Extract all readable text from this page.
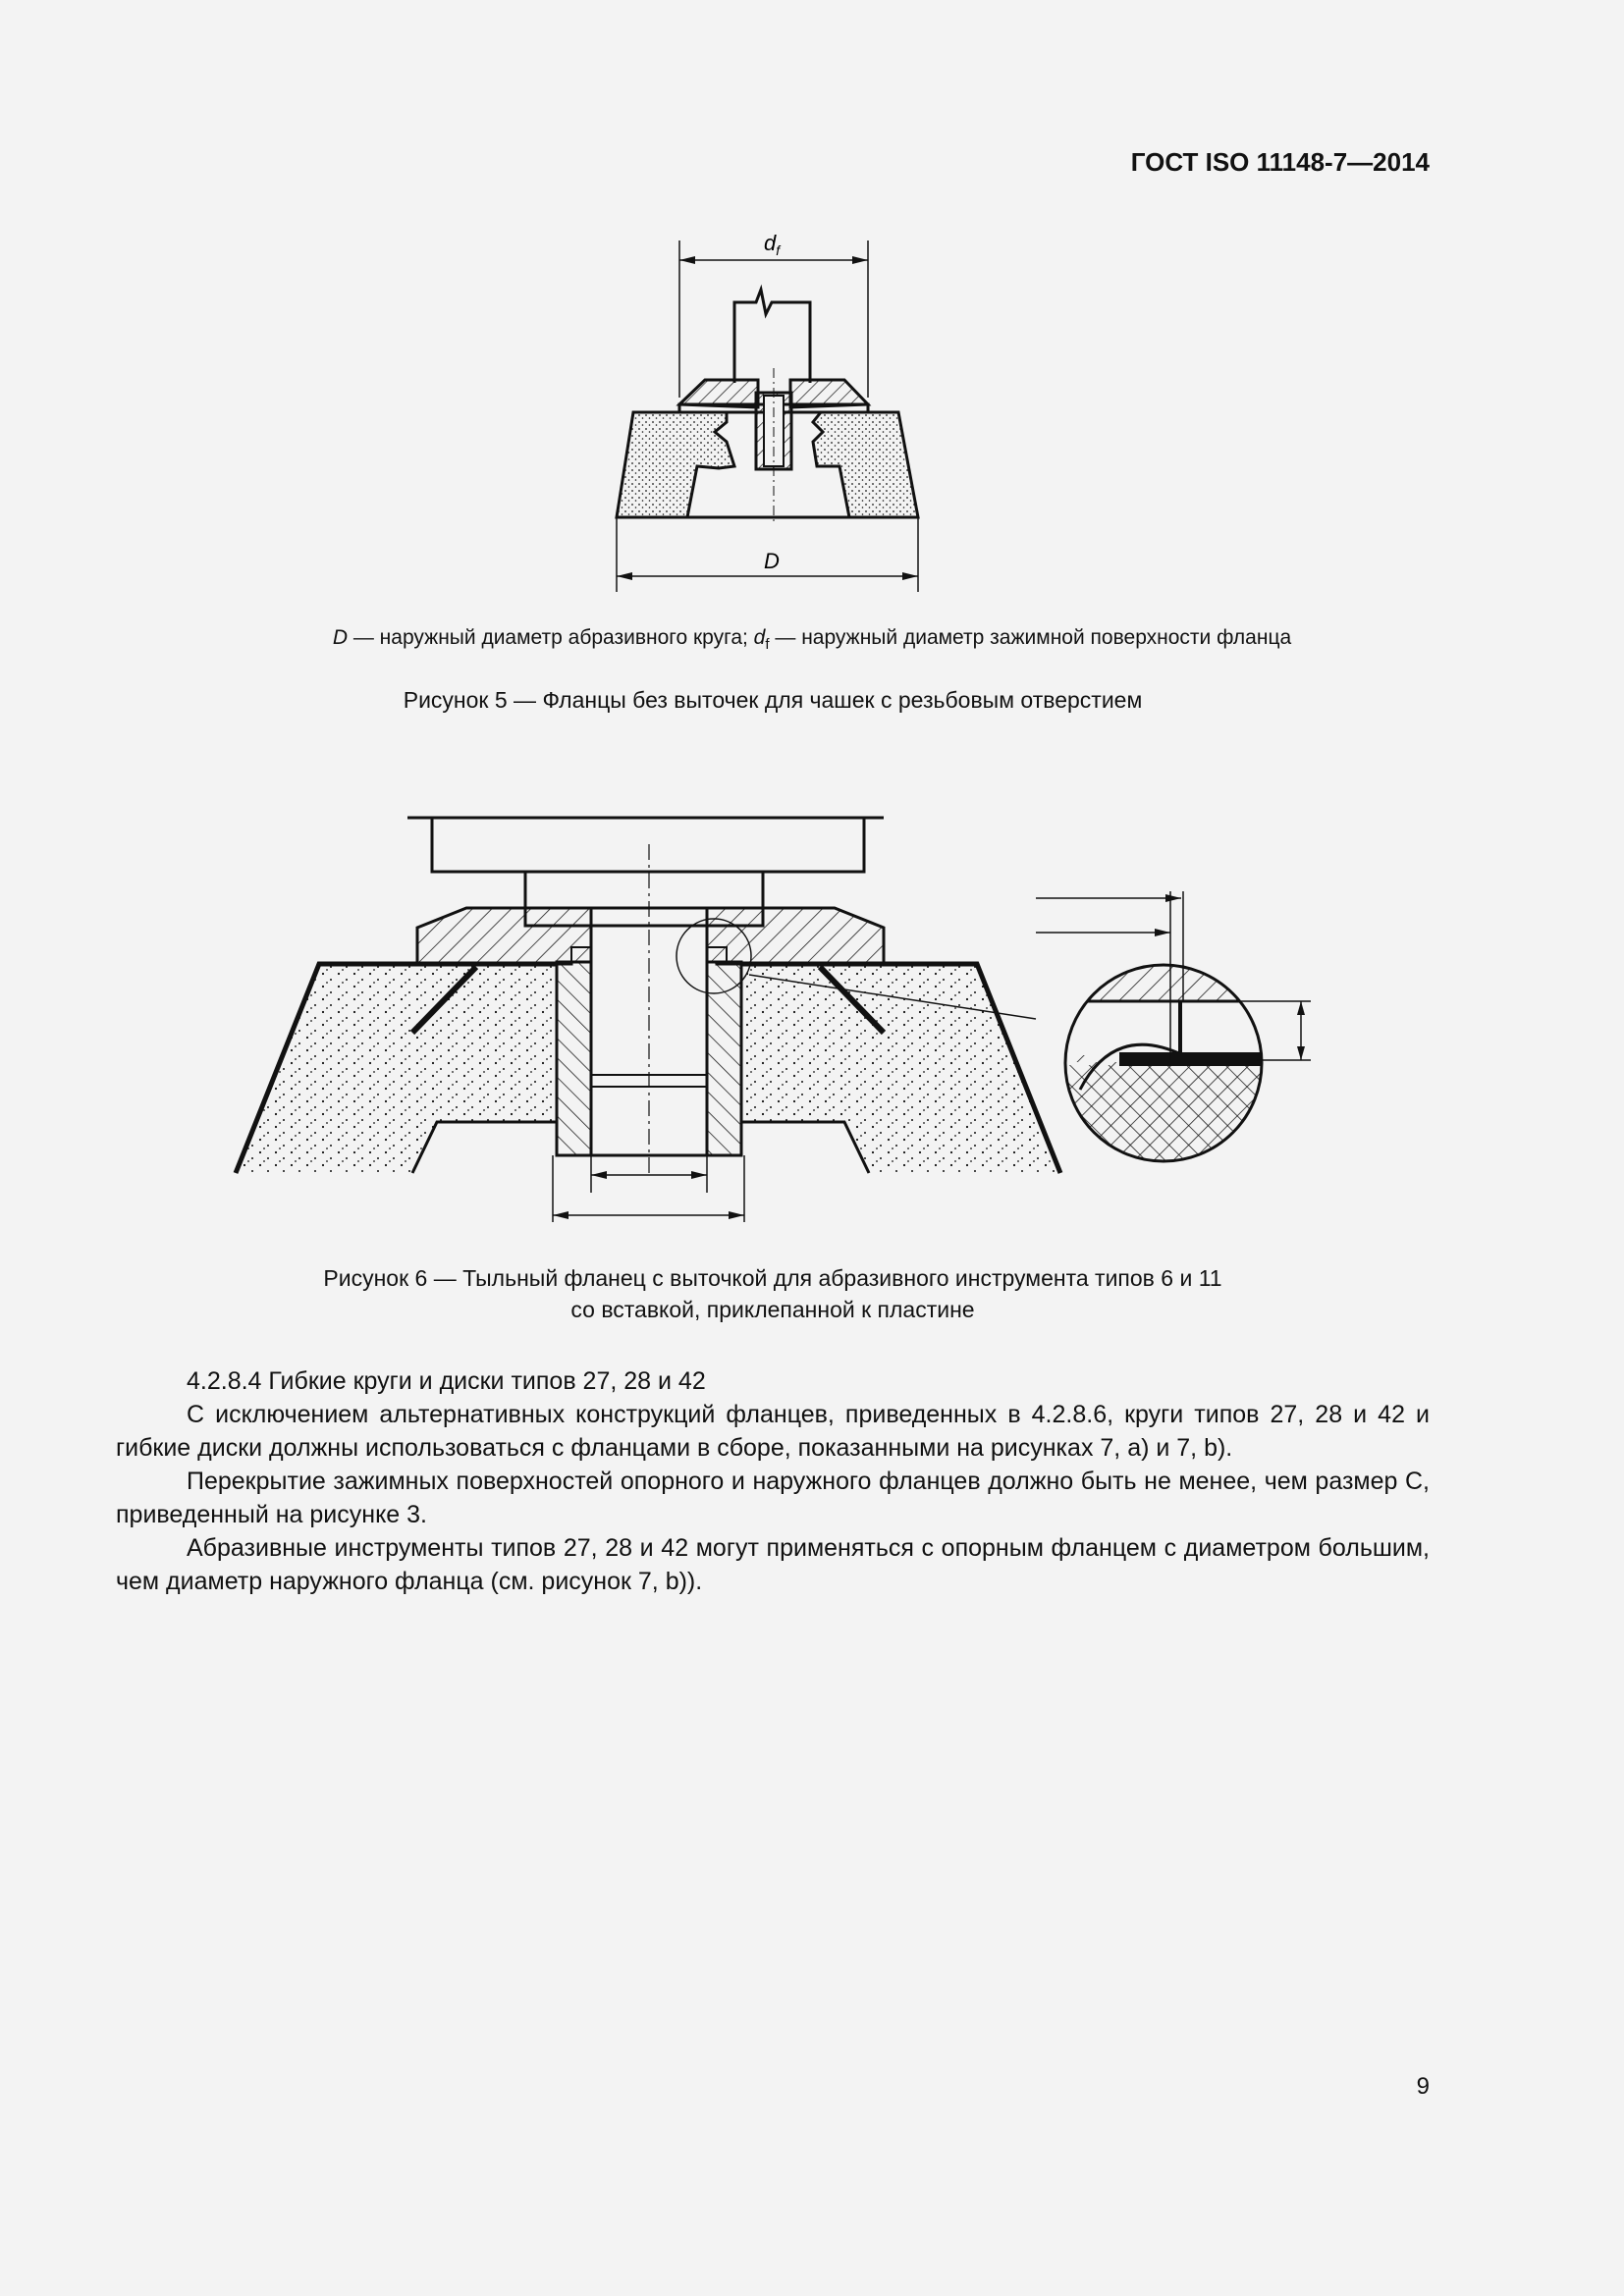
ГОСТ ISO 11148-7—2014
$d_f$
D
D — наружный диаметр абразивного круга; $d_f$ — наружный диаметр зажимной поверхности фланца
Рисунок 5 — Фланцы без выточек для чашек с резьбовым отверстием
Рисунок 6 — Тыльный фланец с выточкой для абразивного инструмента типов 6 и 11
со вставкой, приклепанной к пластине

4.2.8.4 Гибкие круги и диски типов 27, 28 и 42

С исключением альтернативных конструкций фланцев, приведенных в 4.2.8.6, круги типов 27, 28 и 42 и гибкие диски должны использоваться с фланцами в сборе, показанными на рисунках 7, a) и 7, b).

Перекрытие зажимных поверхностей опорного и наружного фланцев должно быть не менее, чем размер C, приведенный на рисунке 3.

Абразивные инструменты типов 27, 28 и 42 могут применяться с опорным фланцем с диаметром большим, чем диаметр наружного фланца (см. рисунок 7, b)).

9
